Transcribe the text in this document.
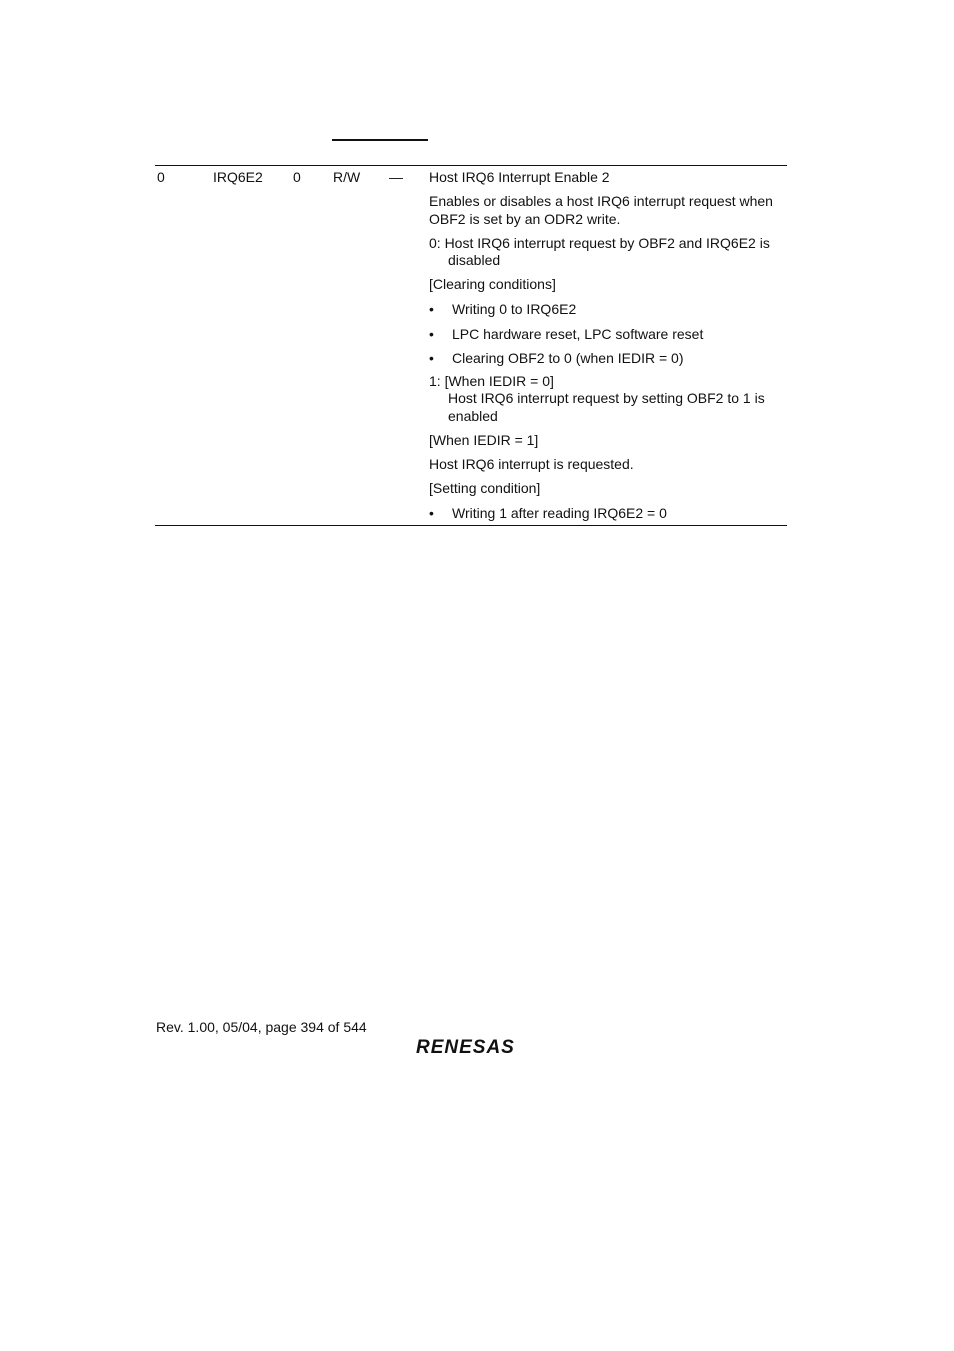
0	IRQ6E2 0 R/W — Host IRQ6 Interrupt Enable 2
Enables or disables a host IRQ6 interrupt request when
OBF2 is set by an ODR2 write.
0: Host IRQ6 interrupt request by OBF2 and IRQ6E2 is
disabled
[Clearing conditions]
• Writing 0 to IRQ6E2
• LPC hardware reset, LPC software reset
• Clearing OBF2 to 0 (when IEDIR = 0)
1: [When IEDIR = 0]
Host IRQ6 interrupt request by setting OBF2 to 1 is
enabled
[When IEDIR = 1]
Host IRQ6 interrupt is requested.
[Setting condition]
• Writing 1 after reading IRQ6E2 = 0
Rev. 1.00, 05/04, page 394 of 544
RENESAS
